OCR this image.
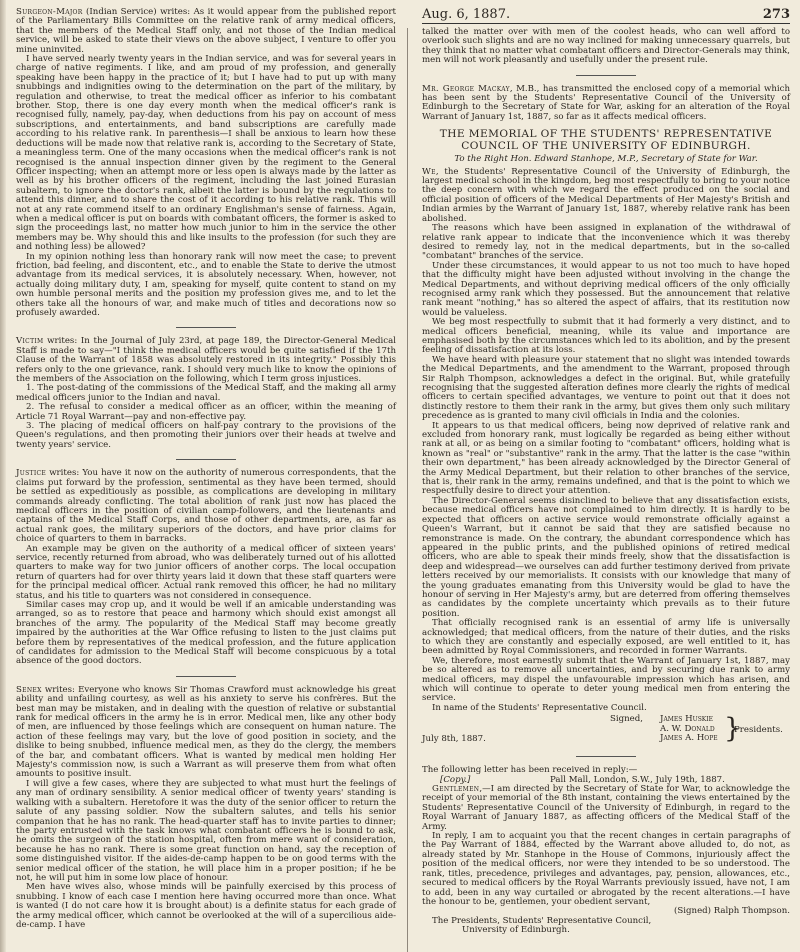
Surgeon-Major (Indian Service) writes: As it would appear from the published report of the Parliamentary Bills Committee on the relative rank of army medical officers, that the members of the Medical Staff only, and not those of the Indian medical service, will be asked to state their views on the above subject, I venture to offer you mine uninvited.

I have served nearly twenty years in the Indian service, and was for several years in charge of native regiments. I like, and am proud of my profession, and generally speaking have been happy in the practice of it; but I have had to put up with many snubbings and indignities owing to the determination on the part of the military, by regulation and otherwise, to treat the medical officer as inferior to his combatant brother. Stop, there is one day every month when the medical officer's rank is recognised fully, namely, pay-day, when deductions from his pay on account of mess subscriptions, and entertainments, and band subscriptions are carefully made according to his relative rank. In parenthesis—I shall be anxious to learn how these deductions will be made now that relative rank is, according to the Secretary of State, a meaningless term. One of the many occasions when the medical officer's rank is not recognised is the annual inspection dinner given by the regiment to the General Officer inspecting; when an attempt more or less open is always made by the latter as well as by his brother officers of the regiment, including the last joined Eurasian subaltern, to ignore the doctor's rank, albeit the latter is bound by the regulations to attend this dinner, and to share the cost of it according to his relative rank. This will not at any rate commend itself to an ordinary Englishman's sense of fairness. Again, when a medical officer is put on boards with combatant officers, the former is asked to sign the proceedings last, no matter how much junior to him in the service the other members may be. Why should this and like insults to the profession (for such they are and nothing less) be allowed?

In my opinion nothing less than honorary rank will now meet the case; to prevent friction, bad feeling, and discontent, etc., and to enable the State to derive the utmost advantage from its medical services, it is absolutely necessary. When, however, not actually doing military duty, I am, speaking for myself, quite content to stand on my own humble personal merits and the position my profession gives me, and to let the others take all the honours of war, and make much of titles and decorations now so profusely awarded.

Victim writes: In the Journal of July 23rd, at page 189, the Director-General Medical Staff is made to say—"I think the medical officers would be quite satisfied if the 17th Clause of the Warrant of 1858 was absolutely restored in its integrity." Possibly this refers only to the one grievance, rank. I should very much like to know the opinions of the members of the Association on the following, which I term gross injustices.

1. The post-dating of the commissions of the Medical Staff, and the making all army medical officers junior to the Indian and naval.

2. The refusal to consider a medical officer as an officer, within the meaning of Article 71 Royal Warrant—pay and non-effective pay.

3. The placing of medical officers on half-pay contrary to the provisions of the Queen's regulations, and then promoting their juniors over their heads at twelve and twenty years' service.

Justice writes: You have it now on the authority of numerous correspondents, that the claims put forward by the profession, sentimental as they have been termed, should be settled as expeditiously as possible, as complications are developing in military commands already conflicting. The total abolition of rank just now has placed the medical officers in the position of civilian camp-followers, and the lieutenants and captains of the Medical Staff Corps, and those of other departments, are, as far as actual rank goes, the military superiors of the doctors, and have prior claims for choice of quarters to them in barracks.

An example may be given on the authority of a medical officer of sixteen years' service, recently returned from abroad, who was deliberately turned out of his allotted quarters to make way for two junior officers of another corps. The local occupation return of quarters had for over thirty years laid it down that these staff quarters were for the principal medical officer. Actual rank removed this officer, he had no military status, and his title to quarters was not considered in consequence.

Similar cases may crop up, and it would be well if an amicable understanding was arranged, so as to restore that peace and harmony which should exist amongst all branches of the army. The popularity of the Medical Staff may become greatly impaired by the authorities at the War Office refusing to listen to the just claims put before them by representatives of the medical profession, and the future application of candidates for admission to the Medical Staff will become conspicuous by a total absence of the good doctors.

Senex writes: Everyone who knows Sir Thomas Crawford must acknowledge his great ability and unfailing courtesy, as well as his anxiety to serve his confrères. But the best man may be mistaken, and in dealing with the question of relative or substantial rank for medical officers in the army he is in error. Medical men, like any other body of men, are influenced by those feelings which are consequent on human nature. The action of these feelings may vary, but the love of good position in society, and the dislike to being snubbed, influence medical men, as they do the clergy, the members of the bar, and combatant officers. What is wanted by medical men holding Her Majesty's commission now, is such a Warrant as will preserve them from what often amounts to positive insult.

I will give a few cases, where they are subjected to what must hurt the feelings of any man of ordinary sensibility. A senior medical officer of twenty years' standing is walking with a subaltern. Heretofore it was the duty of the senior officer to return the salute of any passing soldier. Now the subaltern salutes, and tells his senior companion that he has no rank. The head-quarter staff has to invite parties to dinner; the party entrusted with the task knows what combatant officers he is bound to ask, he omits the surgeon of the station hospital, often from mere want of consideration, because he has no rank. There is some great function on hand, say the reception of some distinguished visitor. If the aides-de-camp happen to be on good terms with the senior medical officer of the station, he will place him in a proper position; if he be not, he will put him in some low place of honour.

Men have wives also, whose minds will be painfully exercised by this process of snubbing. I know of each case I mention here having occurred more than once. What is wanted (I do not care how it is brought about) is a definite status for each grade of the army medical officer, which cannot be overlooked at the will of a supercilious aide-de-camp. I have

Aug. 6, 1887.	273

talked the matter over with men of the coolest heads, who can well afford to overlook such slights and are no way inclined for making unnecessary quarrels, but they think that no matter what combatant officers and Director-Generals may think, men will not work pleasantly and usefully under the present rule.

Mr. George Mackay, M.B., has transmitted the enclosed copy of a memorial which has been sent by the Students' Representative Council of the University of Edinburgh to the Secretary of State for War, asking for an alteration of the Royal Warrant of January 1st, 1887, so far as it affects medical officers.

THE MEMORIAL OF THE STUDENTS' REPRESENTATIVE COUNCIL OF THE UNIVERSITY OF EDINBURGH.
To the Right Hon. Edward Stanhope, M.P., Secretary of State for War.

We, the Students' Representative Council of the University of Edinburgh, the largest medical school in the kingdom, beg most respectfully to bring to your notice the deep concern with which we regard the effect produced on the social and official position of officers of the Medical Departments of Her Majesty's British and Indian armies by the Warrant of January 1st, 1887, whereby relative rank has been abolished.

The reasons which have been assigned in explanation of the withdrawal of relative rank appear to indicate that the inconvenience which it was thereby desired to remedy lay, not in the medical departments, but in the so-called "combatant" branches of the service.

Under these circumstances, it would appear to us not too much to have hoped that the difficulty might have been adjusted without involving in the change the Medical Departments, and without depriving medical officers of the only officially recognised army rank which they possessed. But the announcement that relative rank meant "nothing," has so altered the aspect of affairs, that its restitution now would be valueless.

We beg most respectfully to submit that it had formerly a very distinct, and to medical officers beneficial, meaning, while its value and importance are emphasised both by the circumstances which led to its abolition, and by the present feeling of dissatisfaction at its loss.

We have heard with pleasure your statement that no slight was intended towards the Medical Departments, and the amendment to the Warrant, proposed through Sir Ralph Thompson, acknowledges a defect in the original. But, while gratefully recognising that the suggested alteration defines more clearly the rights of medical officers to certain specified advantages, we venture to point out that it does not distinctly restore to them their rank in the army, but gives them only such military precedence as is granted to many civil officials in India and the colonies.

It appears to us that medical officers, being now deprived of relative rank and excluded from honorary rank, must logically be regarded as being either without rank at all, or as being on a similar footing to "combatant" officers, holding what is known as "real" or "substantive" rank in the army. That the latter is the case "within their own department," has been already acknowledged by the Director General of the Army Medical Department, but their relation to other branches of the service, that is, their rank in the army, remains undefined, and that is the point to which we respectfully desire to direct your attention.

The Director-General seems disinclined to believe that any dissatisfaction exists, because medical officers have not complained to him directly. It is hardly to be expected that officers on active service would remonstrate officially against a Queen's Warrant, but it cannot be said that they are satisfied because no remonstrance is made. On the contrary, the abundant correspondence which has appeared in the public prints, and the published opinions of retired medical officers, who are able to speak their minds freely, show that the dissatisfaction is deep and widespread—we ourselves can add further testimony derived from private letters received by our memorialists. It consists with our knowledge that many of the young graduates emanating from this University would be glad to have the honour of serving in Her Majesty's army, but are deterred from offering themselves as candidates by the complete uncertainty which prevails as to their future position.

That officially recognised rank is an essential of army life is universally acknowledged; that medical officers, from the nature of their duties, and the risks to which they are constantly and especially exposed, are well entitled to it, has been admitted by Royal Commissioners, and recorded in former Warrants.

We, therefore, most earnestly submit that the Warrant of January 1st, 1887, may be so altered as to remove all uncertainties, and by securing due rank to army medical officers, may dispel the unfavourable impression which has arisen, and which will continue to operate to deter young medical men from entering the service.

In name of the Students' Representative Council.

Signed, James Huskie
A. W. Donald
James A. Hope }
Presidents.
July 8th, 1887.

The following letter has been received in reply:—

[Copy.]	Pall Mall, London, S.W., July 19th, 1887.

Gentlemen,—I am directed by the Secretary of State for War, to acknowledge the receipt of your memorial of the 8th instant, containing the views entertained by the Students' Representative Council of the University of Edinburgh, in regard to the Royal Warrant of January 1887, as affecting officers of the Medical Staff of the Army.

In reply, I am to acquaint you that the recent changes in certain paragraphs of the Pay Warrant of 1884, effected by the Warrant above alluded to, do not, as already stated by Mr. Stanhope in the House of Commons, injuriously affect the position of the medical officers, nor were they intended to be so understood. The rank, titles, precedence, privileges and advantages, pay, pension, allowances, etc., secured to medical officers by the Royal Warrants previously issued, have not, I am to add, been in any way curtailed or abrogated by the recent alterations.—I have the honour to be, gentlemen, your obedient servant,

(Signed) Ralph Thompson.

The Presidents, Students' Representative Council,

University of Edinburgh.
